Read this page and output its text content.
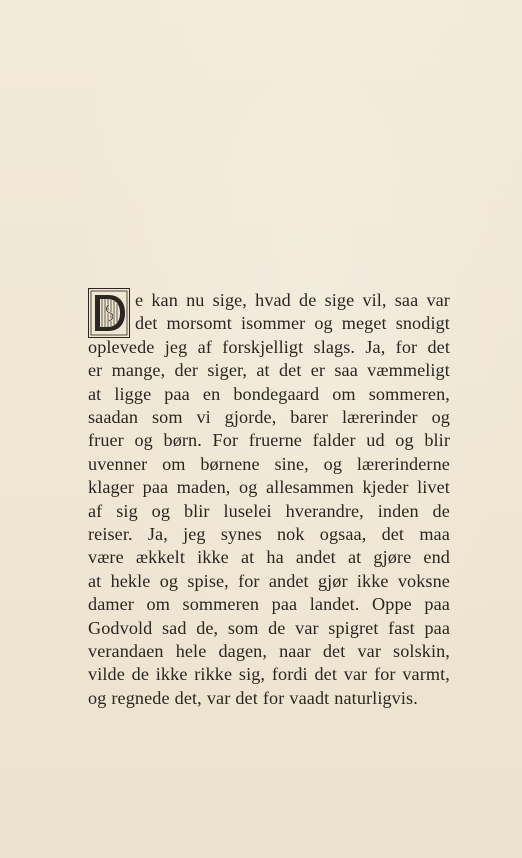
e kan nu sige, hvad de sige vil, saa var
det morsomt isommer og meget snodigt
oplevede jeg af forskjelligt slags. Ja, for det
er mange, der siger, at det er saa væmmeligt
at ligge paa en bondegaard om sommeren,
saadan som vi gjorde, barer lærerinder og
fruer og børn. For fruerne falder ud og blir
uvenner om børnene sine, og lærerinderne
klager paa maden, og allesammen kjeder livet
af sig og blir luselei hverandre, inden de
reiser. Ja, jeg synes nok ogsaa, det maa
være ækkelt ikke at ha andet at gjøre end
at hekle og spise, for andet gjør ikke voksne
damer om sommeren paa landet. Oppe paa
Godvold sad de, som de var spigret fast paa
verandaen hele dagen, naar det var solskin,
vilde de ikke rikke sig, fordi det var for varmt,
og regnede det, var det for vaadt naturligvis.
